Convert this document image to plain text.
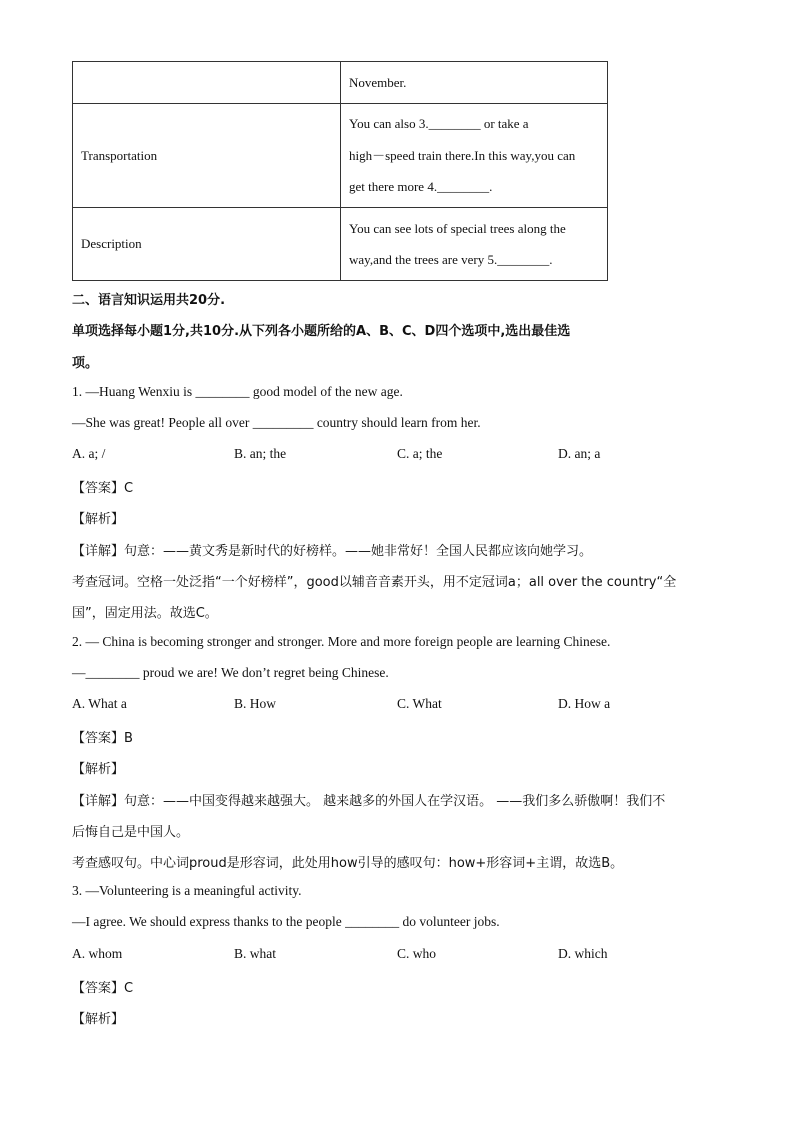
	November.

Transportation	You can also 3.________ or take a
high－speed train there.In this way,you can
get there more 4.________.

Description	You can see lots of special trees along the
way,and the trees are very 5.________.
二、语言知识运用共20分.
单项选择每小题1分,共10分.从下列各小题所给的A、B、C、D四个选项中,选出最佳选
项。
1. —Huang Wenxiu is ________ good model of the new age.
—She was great! People all over _________ country should learn from her.
A. a; /	B. an; the	C. a; the	D. an; a
【答案】C
【解析】
【详解】句意：——黄文秀是新时代的好榜样。——她非常好！全国人民都应该向她学习。
考查冠词。空格一处泛指“一个好榜样”，good以辅音音素开头，用不定冠词a；all over the country“全
国”，固定用法。故选C。
2. — China is becoming stronger and stronger. More and more foreign people are learning Chinese.
—________ proud we are! We don’t regret being Chinese.
A. What a	B. How	C. What	D. How a
【答案】B
【解析】
【详解】句意：——中国变得越来越强大。 越来越多的外国人在学汉语。 ——我们多么骄傲啊！我们不
后悔自己是中国人。
考查感叹句。中心词proud是形容词，此处用how引导的感叹句：how+形容词+主谓，故选B。
3. —Volunteering is a meaningful activity.
—I agree. We should express thanks to the people ________ do volunteer jobs.
A. whom	B. what	C. who	D. which
【答案】C
【解析】
